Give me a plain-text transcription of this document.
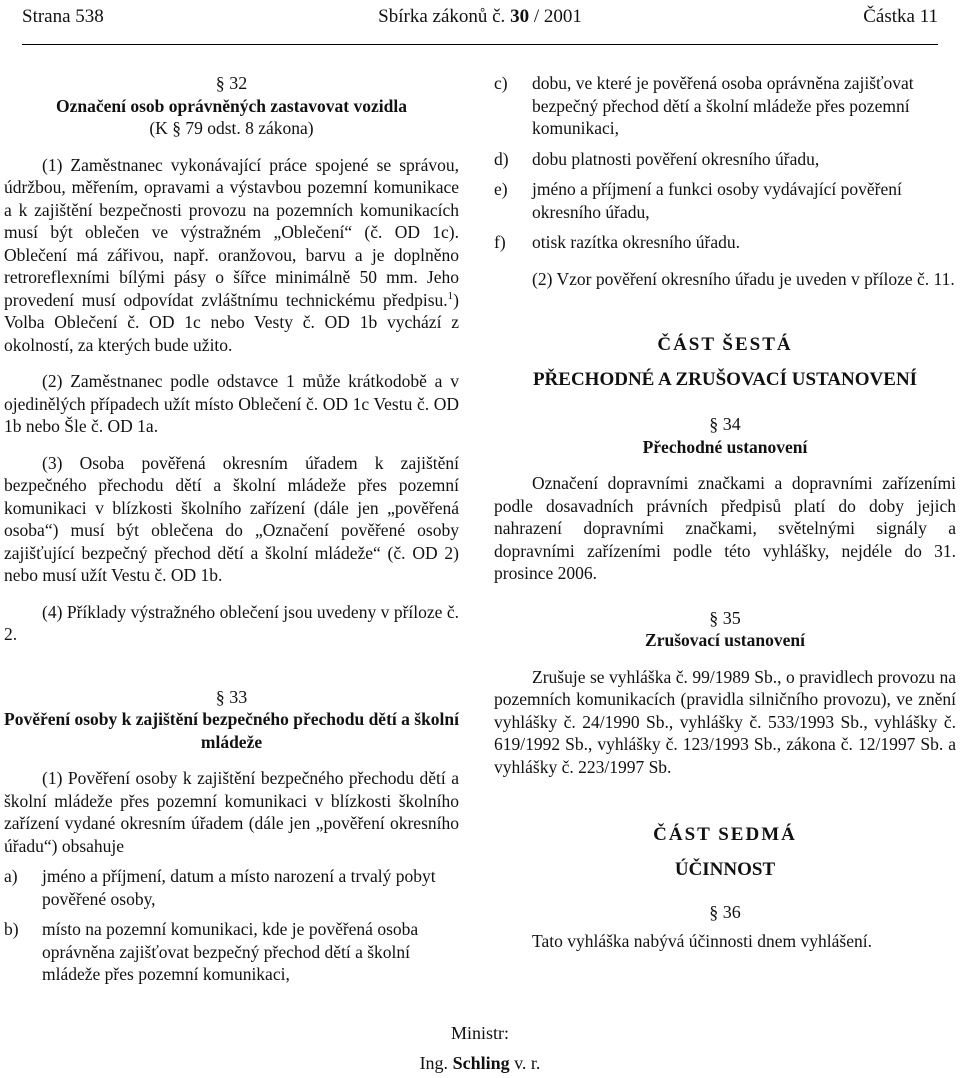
Strana 538	Sbírka zákonů č. 30 / 2001	Částka 11

§ 32

Označení osob oprávněných zastavovat vozidla

(K § 79 odst. 8 zákona)

(1) Zaměstnanec vykonávající práce spojené se správou, údržbou, měřením, opravami a výstavbou pozemní komunikace a k zajištění bezpečnosti provozu na pozemních komunikacích musí být oblečen ve výstražném „Oblečení“ (č. OD 1c). Oblečení má zářivou, např. oranžovou, barvu a je doplněno retroreflexními bílými pásy o šířce minimálně 50 mm. Jeho provedení musí odpovídat zvláštnímu technickému předpisu.$^1$) Volba Oblečení č. OD 1c nebo Vesty č. OD 1b vychází z okolností, za kterých bude užito.

(2) Zaměstnanec podle odstavce 1 může krátkodobě a v ojedinělých případech užít místo Oblečení č. OD 1c Vestu č. OD 1b nebo Šle č. OD 1a.

(3) Osoba pověřená okresním úřadem k zajištění bezpečného přechodu dětí a školní mládeže přes pozemní komunikaci v blízkosti školního zařízení (dále jen „pověřená osoba“) musí být oblečena do „Označení pověřené osoby zajišťující bezpečný přechod dětí a školní mládeže“ (č. OD 2) nebo musí užít Vestu č. OD 1b.

(4) Příklady výstražného oblečení jsou uvedeny v příloze č. 2.

§ 33

Pověření osoby k zajištění bezpečného přechodu dětí a školní mládeže

(1) Pověření osoby k zajištění bezpečného přechodu dětí a školní mládeže přes pozemní komunikaci v blízkosti školního zařízení vydané okresním úřadem (dále jen „pověření okresního úřadu“) obsahuje

a) jméno a příjmení, datum a místo narození a trvalý pobyt pověřené osoby,
b) místo na pozemní komunikaci, kde je pověřená osoba oprávněna zajišťovat bezpečný přechod dětí a školní mládeže přes pozemní komunikaci,
c) dobu, ve které je pověřená osoba oprávněna zajišťovat bezpečný přechod dětí a školní mládeže přes pozemní komunikaci,
d) dobu platnosti pověření okresního úřadu,
e) jméno a příjmení a funkci osoby vydávající pověření okresního úřadu,
f) otisk razítka okresního úřadu.

(2) Vzor pověření okresního úřadu je uveden v příloze č. 11.

ČÁST ŠESTÁ

PŘECHODNÉ A ZRUŠOVACÍ USTANOVENÍ

§ 34

Přechodné ustanovení

Označení dopravními značkami a dopravními zařízeními podle dosavadních právních předpisů platí do doby jejich nahrazení dopravními značkami, světelnými signály a dopravními zařízeními podle této vyhlášky, nejdéle do 31. prosince 2006.

§ 35

Zrušovací ustanovení

Zrušuje se vyhláška č. 99/1989 Sb., o pravidlech provozu na pozemních komunikacích (pravidla silničního provozu), ve znění vyhlášky č. 24/1990 Sb., vyhlášky č. 533/1993 Sb., vyhlášky č. 619/1992 Sb., vyhlášky č. 123/1993 Sb., zákona č. 12/1997 Sb. a vyhlášky č. 223/1997 Sb.

ČÁST SEDMÁ

ÚČINNOST

§ 36

Tato vyhláška nabývá účinnosti dnem vyhlášení.

Ministr:
Ing. Schling v. r.
